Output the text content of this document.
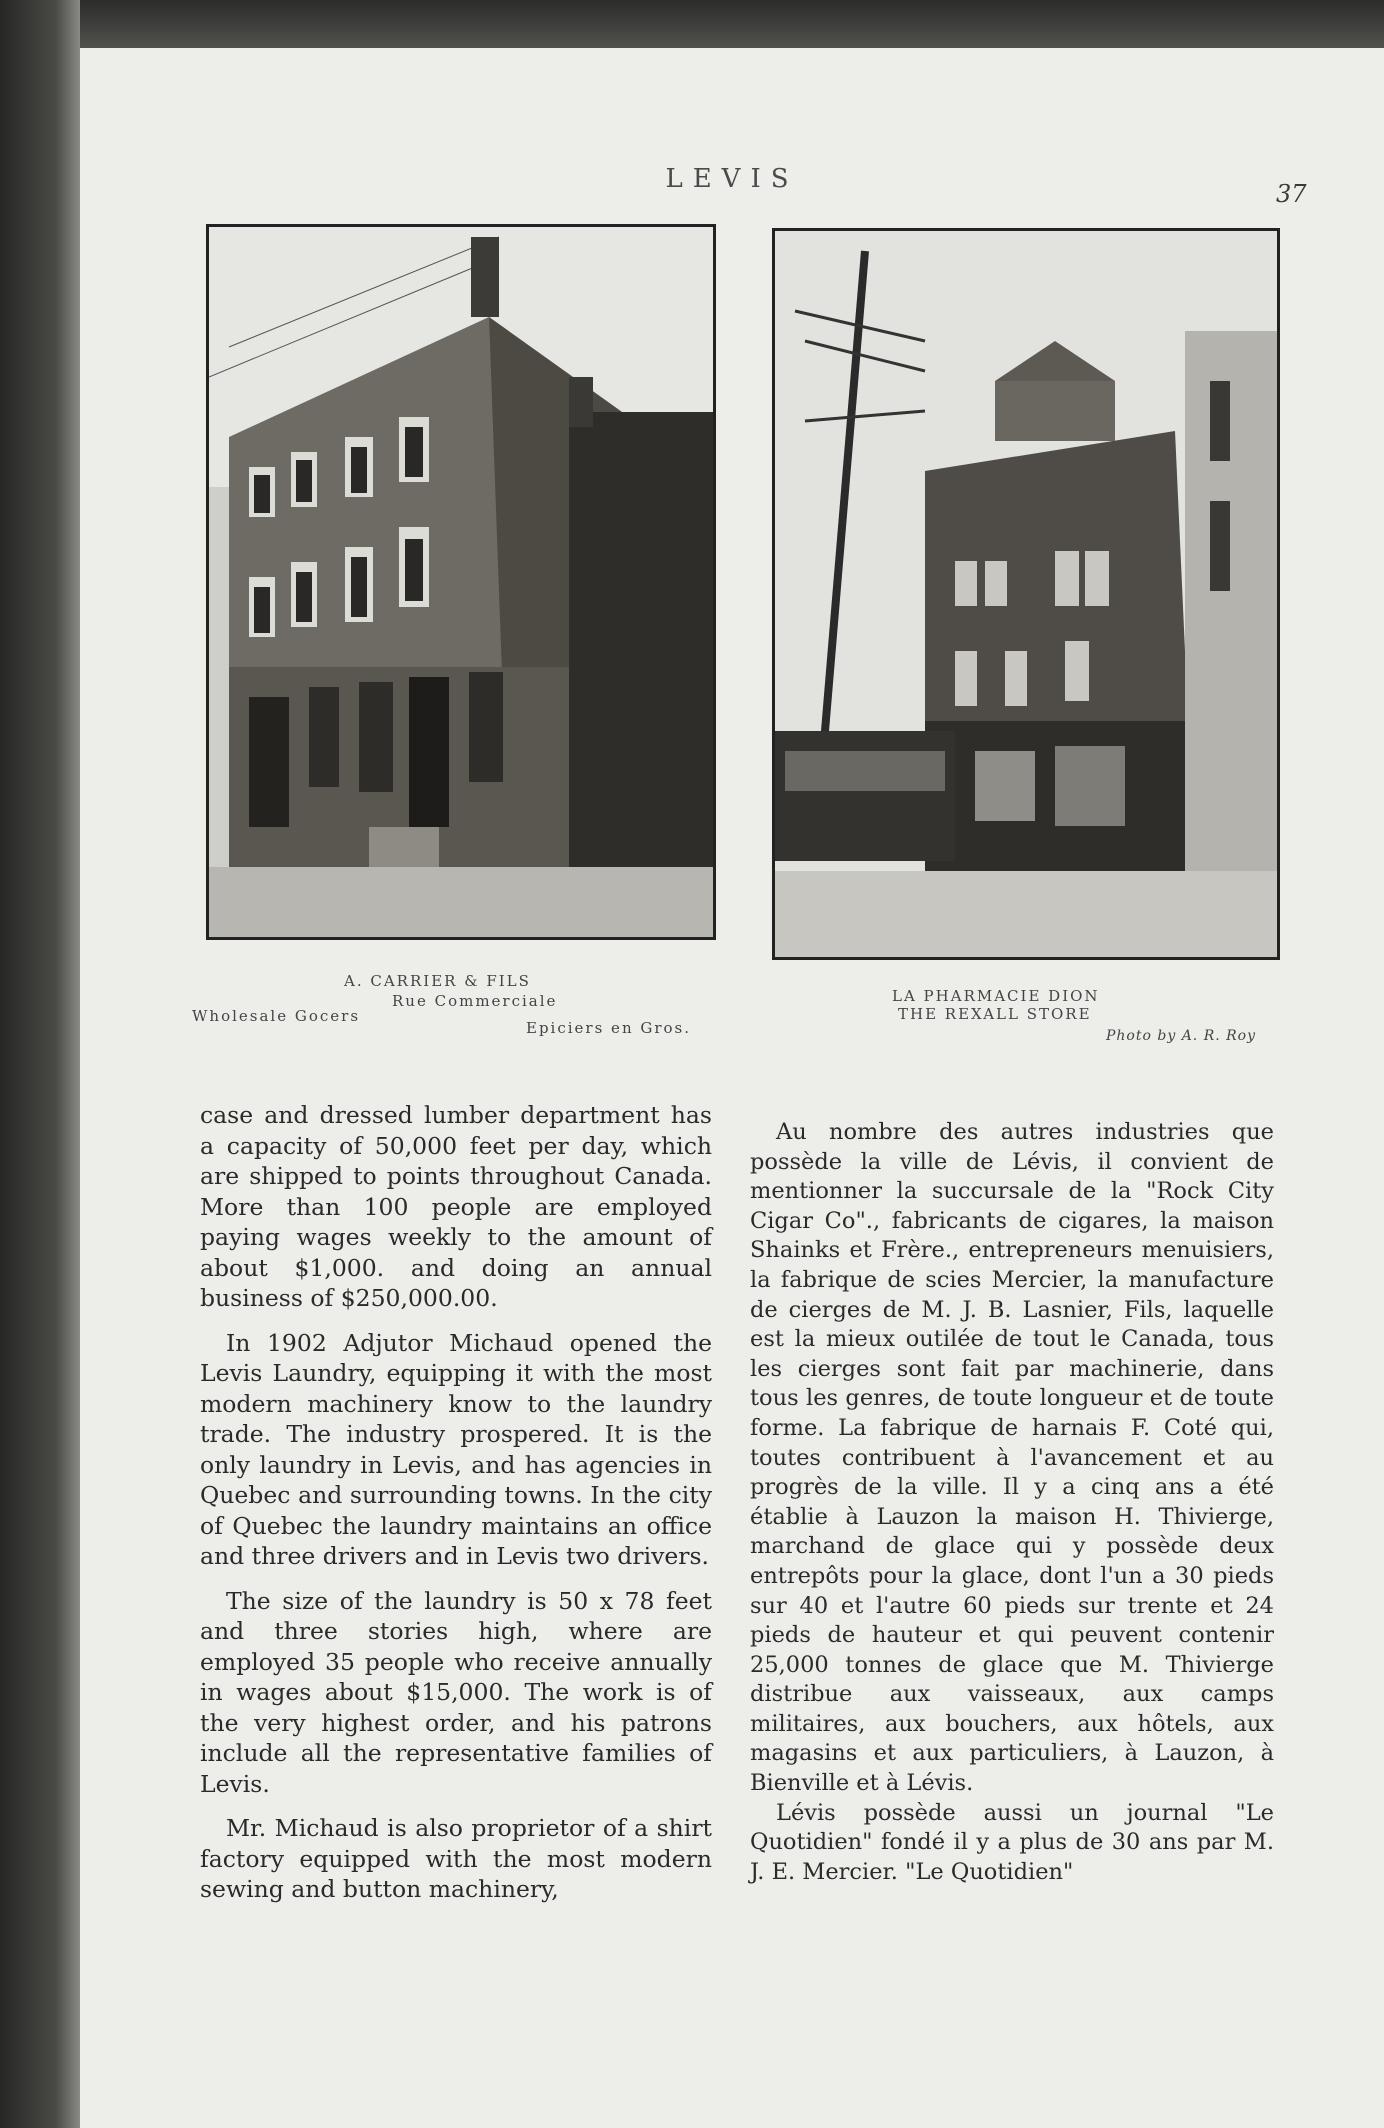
LEVIS	37
A. CARRIER & FILS
Rue Commerciale
Wholesale Gocers
Epiciers en Gros.
LA PHARMACIE DION
THE REXALL STORE
Photo by A. R. Roy

case and dressed lumber department has a capacity of 50,000 feet per day, which are shipped to points throughout Canada. More than 100 people are employed paying wages weekly to the amount of about $1,000. and doing an annual business of $250,000.00.

In 1902 Adjutor Michaud opened the Levis Laundry, equipping it with the most modern machinery know to the laundry trade. The industry prospered. It is the only laundry in Levis, and has agencies in Quebec and surrounding towns. In the city of Quebec the laundry maintains an office and three drivers and in Levis two drivers.

The size of the laundry is 50 x 78 feet and three stories high, where are employed 35 people who receive annually in wages about $15,000. The work is of the very highest order, and his patrons include all the representative families of Levis.

Mr. Michaud is also proprietor of a shirt factory equipped with the most modern sewing and button machinery,

Au nombre des autres industries que possède la ville de Lévis, il convient de mentionner la succursale de la "Rock City Cigar Co"., fabricants de cigares, la maison Shainks et Frère., entrepreneurs menuisiers, la fabrique de scies Mercier, la manufacture de cierges de M. J. B. Lasnier, Fils, laquelle est la mieux outilée de tout le Canada, tous les cierges sont fait par machinerie, dans tous les genres, de toute longueur et de toute forme. La fabrique de harnais F. Coté qui, toutes contribuent à l'avancement et au progrès de la ville. Il y a cinq ans a été établie à Lauzon la maison H. Thivierge, marchand de glace qui y possède deux entrepôts pour la glace, dont l'un a 30 pieds sur 40 et l'autre 60 pieds sur trente et 24 pieds de hauteur et qui peuvent contenir 25,000 tonnes de glace que M. Thivierge distribue aux vaisseaux, aux camps militaires, aux bouchers, aux hôtels, aux magasins et aux particuliers, à Lauzon, à Bienville et à Lévis.

Lévis possède aussi un journal "Le Quotidien" fondé il y a plus de 30 ans par M. J. E. Mercier. "Le Quotidien"
